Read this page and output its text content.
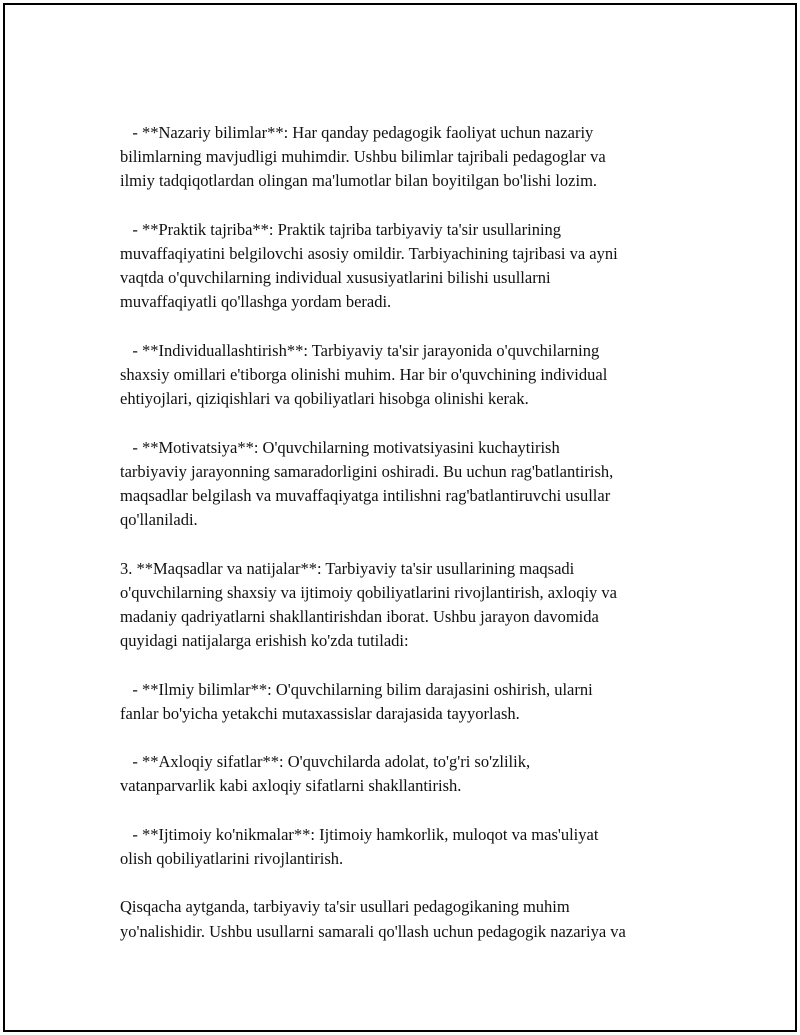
- **Nazariy bilimlar**: Har qanday pedagogik faoliyat uchun nazariy
bilimlarning mavjudligi muhimdir. Ushbu bilimlar tajribali pedagoglar va
ilmiy tadqiqotlardan olingan ma'lumotlar bilan boyitilgan bo'lishi lozim.

- **Praktik tajriba**: Praktik tajriba tarbiyaviy ta'sir usullarining
muvaffaqiyatini belgilovchi asosiy omildir. Tarbiyachining tajribasi va ayni
vaqtda o'quvchilarning individual xususiyatlarini bilishi usullarni
muvaffaqiyatli qo'llashga yordam beradi.

- **Individuallashtirish**: Tarbiyaviy ta'sir jarayonida o'quvchilarning
shaxsiy omillari e'tiborga olinishi muhim. Har bir o'quvchining individual
ehtiyojlari, qiziqishlari va qobiliyatlari hisobga olinishi kerak.

- **Motivatsiya**: O'quvchilarning motivatsiyasini kuchaytirish
tarbiyaviy jarayonning samaradorligini oshiradi. Bu uchun rag'batlantirish,
maqsadlar belgilash va muvaffaqiyatga intilishni rag'batlantiruvchi usullar
qo'llaniladi.

3. **Maqsadlar va natijalar**: Tarbiyaviy ta'sir usullarining maqsadi
o'quvchilarning shaxsiy va ijtimoiy qobiliyatlarini rivojlantirish, axloqiy va
madaniy qadriyatlarni shakllantirishdan iborat. Ushbu jarayon davomida
quyidagi natijalarga erishish ko'zda tutiladi:

- **Ilmiy bilimlar**: O'quvchilarning bilim darajasini oshirish, ularni
fanlar bo'yicha yetakchi mutaxassislar darajasida tayyorlash.

- **Axloqiy sifatlar**: O'quvchilarda adolat, to'g'ri so'zlilik,
vatanparvarlik kabi axloqiy sifatlarni shakllantirish.

- **Ijtimoiy ko'nikmalar**: Ijtimoiy hamkorlik, muloqot va mas'uliyat
olish qobiliyatlarini rivojlantirish.

Qisqacha aytganda, tarbiyaviy ta'sir usullari pedagogikaning muhim
yo'nalishidir. Ushbu usullarni samarali qo'llash uchun pedagogik nazariya va
